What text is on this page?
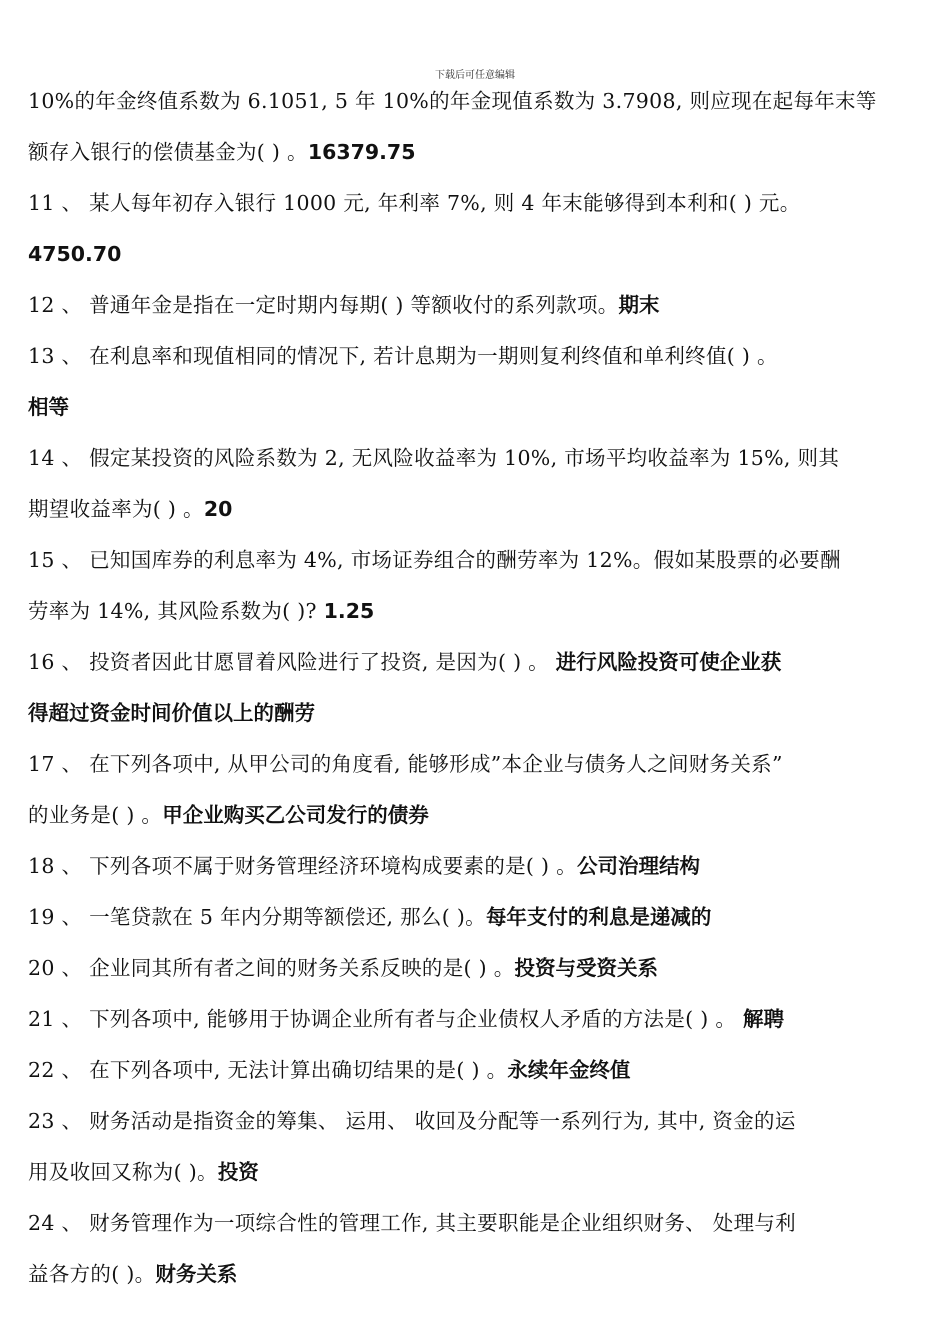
下载后可任意编辑
10%的年金终值系数为 6.1051, 5 年 10%的年金现值系数为 3.7908, 则应现在起每年末等
额存入银行的偿债基金为( ) 。16379.75
11 、 某人每年初存入银行 1000 元, 年利率 7%, 则 4 年末能够得到本利和( ) 元。
4750.70
12 、 普通年金是指在一定时期内每期( ) 等额收付的系列款项。期末
13 、 在利息率和现值相同的情况下, 若计息期为一期则复利终值和单利终值( ) 。
相等
14 、 假定某投资的风险系数为 2, 无风险收益率为 10%, 市场平均收益率为 15%, 则其
期望收益率为( ) 。20
15 、 已知国库券的利息率为 4%, 市场证券组合的酬劳率为 12%。假如某股票的必要酬
劳率为 14%, 其风险系数为( )? 1.25
16 、 投资者因此甘愿冒着风险进行了投资, 是因为( ) 。 进行风险投资可使企业获
得超过资金时间价值以上的酬劳
17 、 在下列各项中, 从甲公司的角度看, 能够形成”本企业与债务人之间财务关系”
的业务是( ) 。甲企业购买乙公司发行的债券
18 、 下列各项不属于财务管理经济环境构成要素的是( ) 。公司治理结构
19 、 一笔贷款在 5 年内分期等额偿还, 那么( )。每年支付的利息是递减的
20 、 企业同其所有者之间的财务关系反映的是( ) 。投资与受资关系
21 、 下列各项中, 能够用于协调企业所有者与企业债权人矛盾的方法是( ) 。 解聘
22 、 在下列各项中, 无法计算出确切结果的是( ) 。永续年金终值
23 、 财务活动是指资金的筹集、 运用、 收回及分配等一系列行为, 其中, 资金的运
用及收回又称为( )。投资
24 、 财务管理作为一项综合性的管理工作, 其主要职能是企业组织财务、 处理与利
益各方的( )。财务关系
